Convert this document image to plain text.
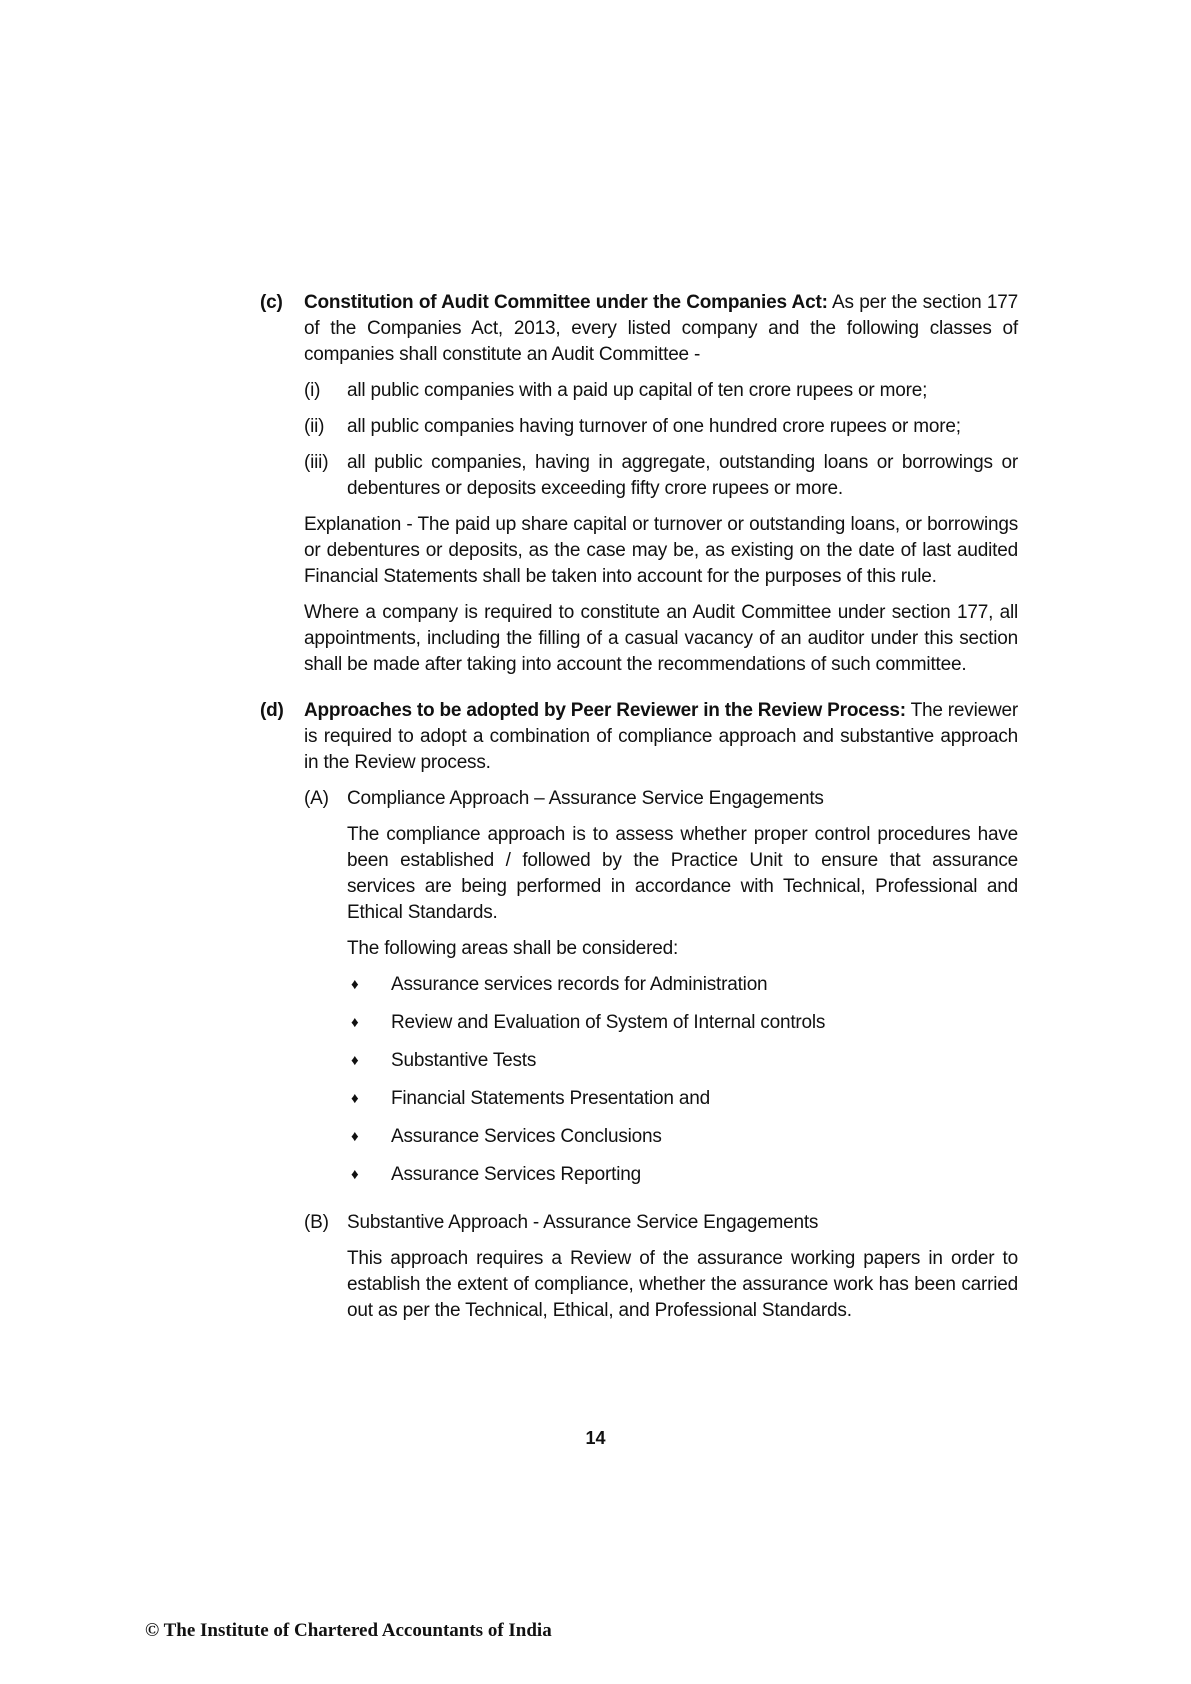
(c)	Constitution of Audit Committee under the Companies Act: As per the section 177 of the Companies Act, 2013, every listed company and the following classes of companies shall constitute an Audit Committee -

(i)	all public companies with a paid up capital of ten crore rupees or more;
(ii)	all public companies having turnover of one hundred crore rupees or more;
(iii) all public companies, having in aggregate, outstanding loans or borrowings or debentures or deposits exceeding fifty crore rupees or more.

Explanation - The paid up share capital or turnover or outstanding loans, or borrowings or debentures or deposits, as the case may be, as existing on the date of last audited Financial Statements shall be taken into account for the purposes of this rule.

Where a company is required to constitute an Audit Committee under section 177, all appointments, including the filling of a casual vacancy of an auditor under this section shall be made after taking into account the recommendations of such committee.

(d)	Approaches to be adopted by Peer Reviewer in the Review Process: The reviewer is required to adopt a combination of compliance approach and substantive approach in the Review process.

(A) Compliance Approach – Assurance Service Engagements

The compliance approach is to assess whether proper control procedures have been established / followed by the Practice Unit to ensure that assurance services are being performed in accordance with Technical, Professional and Ethical Standards.

The following areas shall be considered:

♦	Assurance services records for Administration
♦	Review and Evaluation of System of Internal controls
♦	Substantive Tests
♦	Financial Statements Presentation and
♦	Assurance Services Conclusions
♦	Assurance Services Reporting
(B) Substantive Approach - Assurance Service Engagements

This approach requires a Review of the assurance working papers in order to establish the extent of compliance, whether the assurance work has been carried out as per the Technical, Ethical, and Professional Standards.

14
© The Institute of Chartered Accountants of India
